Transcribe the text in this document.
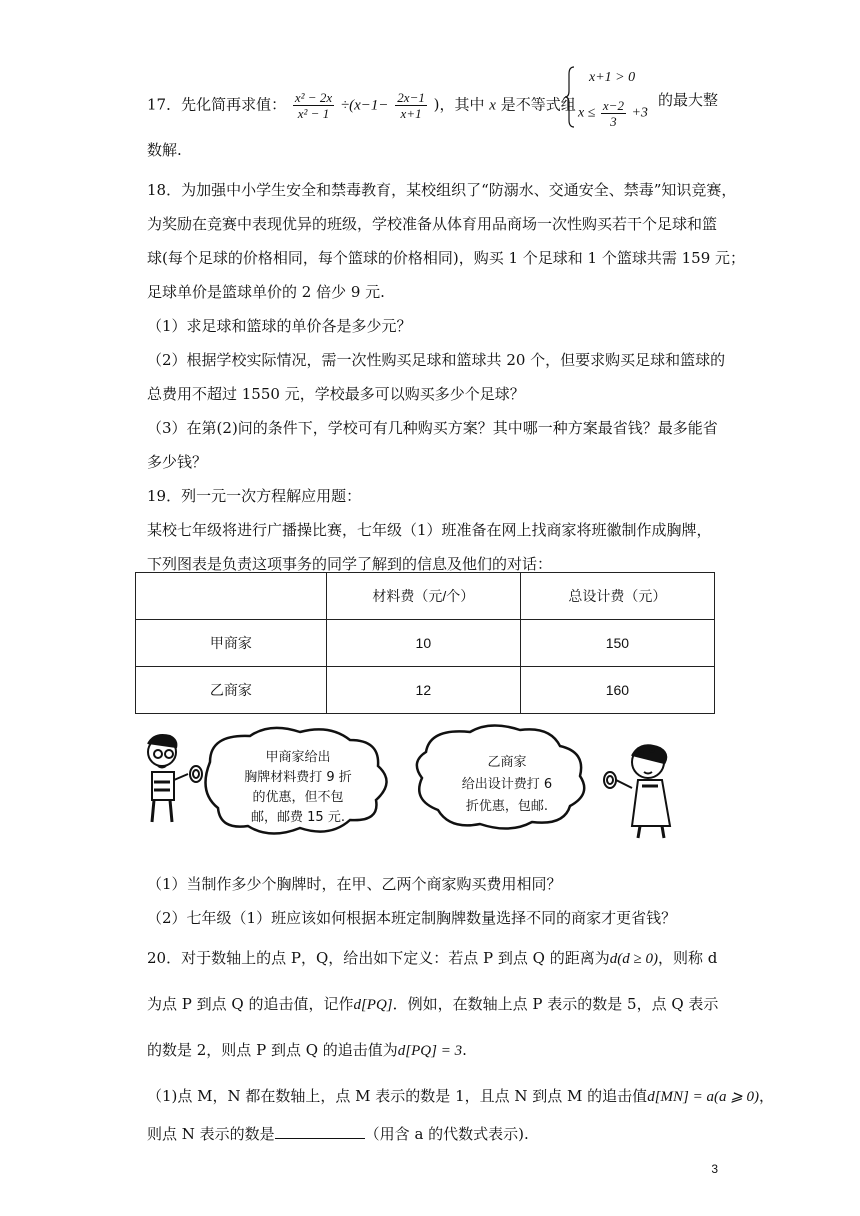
17．先化简再求值： $\frac{\text{x² − 2x}}{\text{x² − 1}} \div(x-1- \frac{2x-1}{x+1}$ )，其中 x 是不等式组
x+1 > 0
$x \le \frac{x-2}{3} +3$
的最大整
数解.
18．为加强中小学生安全和禁毒教育，某校组织了“防溺水、交通安全、禁毒”知识竞赛，
为奖励在竞赛中表现优异的班级，学校准备从体育用品商场一次性购买若干个足球和篮
球(每个足球的价格相同，每个篮球的价格相同)，购买 1 个足球和 1 个篮球共需 159 元；
足球单价是篮球单价的 2 倍少 9 元.
（1）求足球和篮球的单价各是多少元？
（2）根据学校实际情况，需一次性购买足球和篮球共 20 个，但要求购买足球和篮球的
总费用不超过 1550 元，学校最多可以购买多少个足球？
（3）在第(2)问的条件下，学校可有几种购买方案？其中哪一种方案最省钱？最多能省
多少钱？
19．列一元一次方程解应用题：
某校七年级将进行广播操比赛，七年级（1）班准备在网上找商家将班徽制作成胸牌，
下列图表是负责这项事务的同学了解到的信息及他们的对话：
	材料费（元/个）	总设计费（元）
甲商家	10	150
乙商家	12	160
甲商家给出
胸牌材料费打 9 折
的优惠，但不包
邮，邮费 15 元.
乙商家
给出设计费打 6
折优惠，包邮.
（1）当制作多少个胸牌时，在甲、乙两个商家购买费用相同？
（2）七年级（1）班应该如何根据本班定制胸牌数量选择不同的商家才更省钱？
20．对于数轴上的点 P，Q，给出如下定义：若点 P 到点 Q 的距离为d(d ≥ 0)，则称 d
为点 P 到点 Q 的追击值，记作d[PQ]．例如，在数轴上点 P 表示的数是 5，点 Q 表示
的数是 2，则点 P 到点 Q 的追击值为d[PQ] = 3.
（1)点 M，N 都在数轴上，点 M 表示的数是 1，且点 N 到点 M 的追击值d[MN] = a(a ⩾ 0)，
则点 N 表示的数是	（用含 a 的代数式表示).
3
